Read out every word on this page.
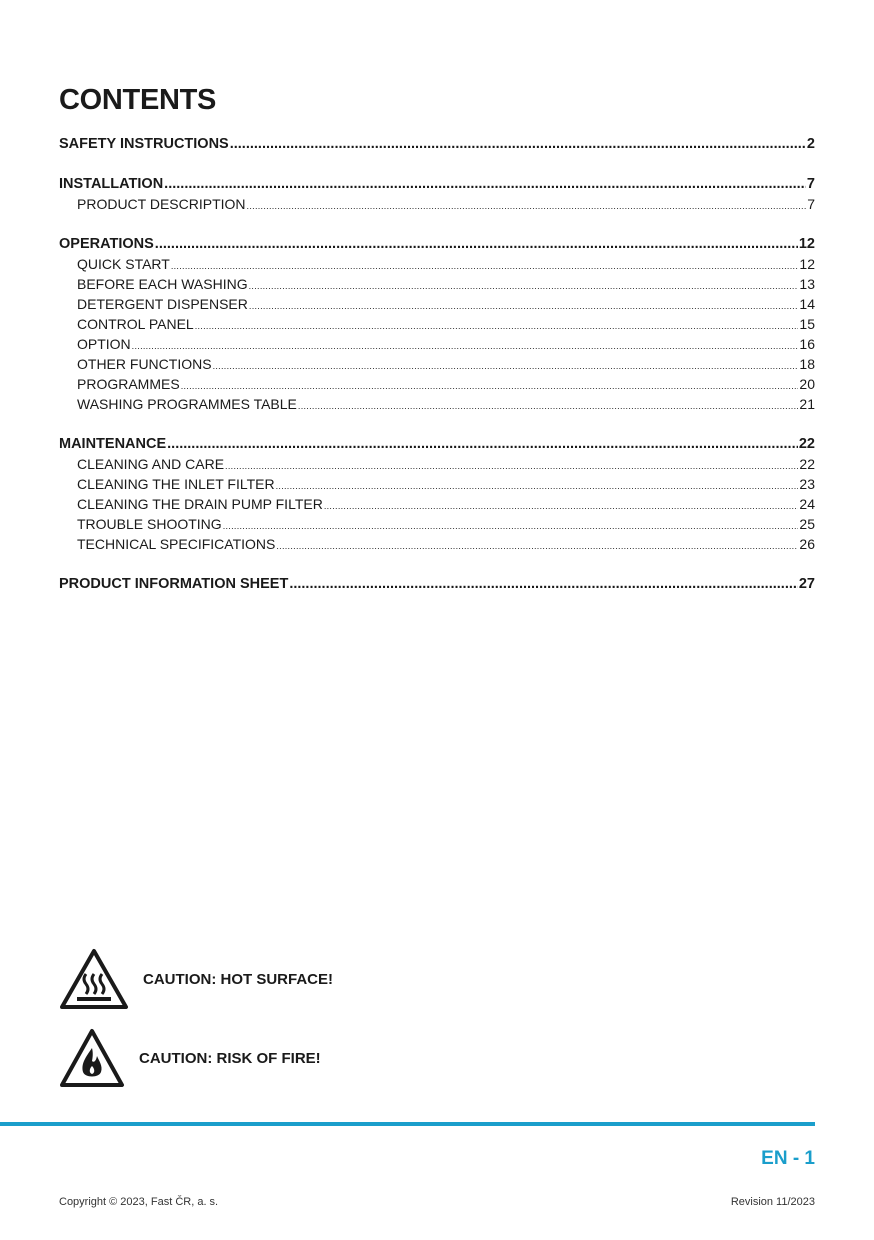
CONTENTS
SAFETY INSTRUCTIONS .....	2
INSTALLATION .....	7
PRODUCT DESCRIPTION .....	7
OPERATIONS .....	12
QUICK START .....	12
BEFORE EACH WASHING .....	13
DETERGENT DISPENSER .....	14
CONTROL PANEL .....	15
OPTION .....	16
OTHER FUNCTIONS .....	18
PROGRAMMES .....	20
WASHING PROGRAMMES TABLE .....	21
MAINTENANCE .....	22
CLEANING AND CARE .....	22
CLEANING THE INLET FILTER .....	23
CLEANING THE DRAIN PUMP FILTER .....	24
TROUBLE SHOOTING .....	25
TECHNICAL SPECIFICATIONS .....	26
PRODUCT INFORMATION SHEET .....	27
CAUTION: HOT SURFACE!
CAUTION: RISK OF FIRE!
EN - 1
Copyright © 2023, Fast ČR, a. s.	Revision 11/2023
